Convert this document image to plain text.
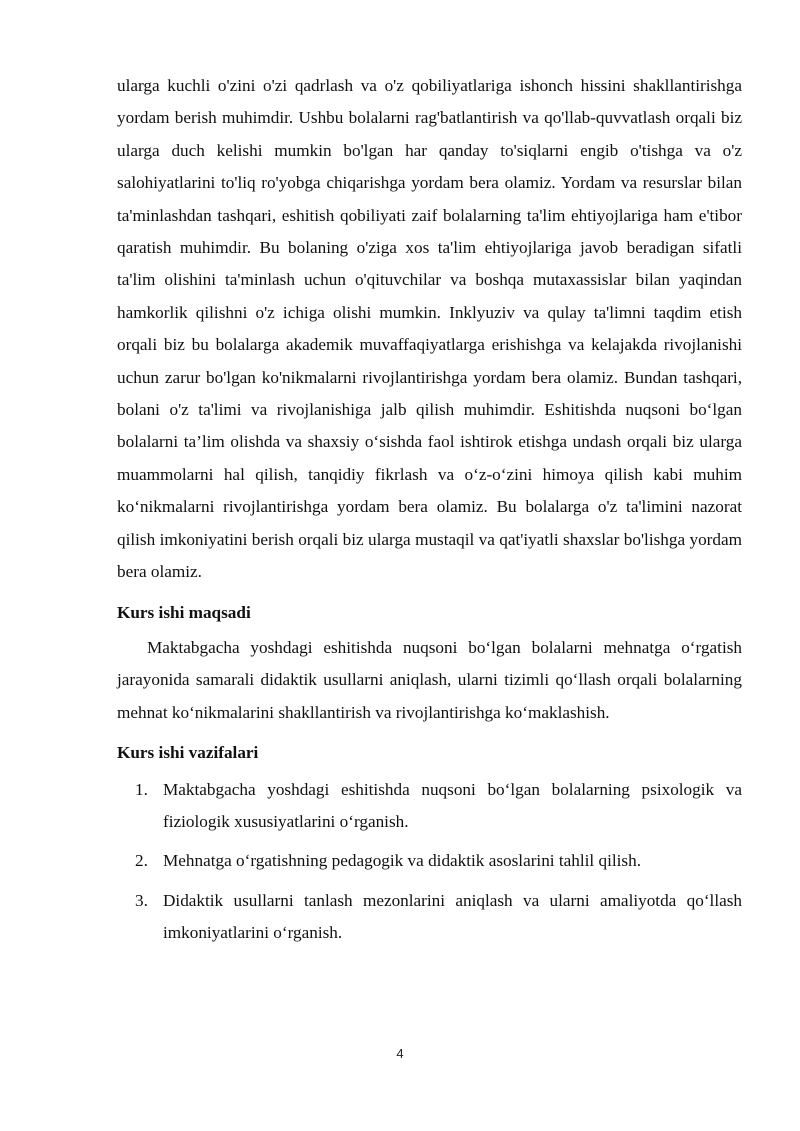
ularga kuchli o'zini o'zi qadrlash va o'z qobiliyatlariga ishonch hissini shakllantirishga yordam berish muhimdir. Ushbu bolalarni rag'batlantirish va qo'llab-quvvatlash orqali biz ularga duch kelishi mumkin bo'lgan har qanday to'siqlarni engib o'tishga va o'z salohiyatlarini to'liq ro'yobga chiqarishga yordam bera olamiz. Yordam va resurslar bilan ta'minlashdan tashqari, eshitish qobiliyati zaif bolalarning ta'lim ehtiyojlariga ham e'tibor qaratish muhimdir. Bu bolaning o'ziga xos ta'lim ehtiyojlariga javob beradigan sifatli ta'lim olishini ta'minlash uchun o'qituvchilar va boshqa mutaxassislar bilan yaqindan hamkorlik qilishni o'z ichiga olishi mumkin. Inklyuziv va qulay ta'limni taqdim etish orqali biz bu bolalarga akademik muvaffaqiyatlarga erishishga va kelajakda rivojlanishi uchun zarur bo'lgan ko'nikmalarni rivojlantirishga yordam bera olamiz. Bundan tashqari, bolani o'z ta'limi va rivojlanishiga jalb qilish muhimdir. Eshitishda nuqsoni bo‘lgan bolalarni ta’lim olishda va shaxsiy o‘sishda faol ishtirok etishga undash orqali biz ularga muammolarni hal qilish, tanqidiy fikrlash va o‘z-o‘zini himoya qilish kabi muhim ko‘nikmalarni rivojlantirishga yordam bera olamiz. Bu bolalarga o'z ta'limini nazorat qilish imkoniyatini berish orqali biz ularga mustaqil va qat'iyatli shaxslar bo'lishga yordam bera olamiz.

Kurs ishi maqsadi

Maktabgacha yoshdagi eshitishda nuqsoni bo‘lgan bolalarni mehnatga o‘rgatish jarayonida samarali didaktik usullarni aniqlash, ularni tizimli qo‘llash orqali bolalarning mehnat ko‘nikmalarini shakllantirish va rivojlantirishga ko‘maklashish.

Kurs ishi vazifalari
1. Maktabgacha yoshdagi eshitishda nuqsoni bo‘lgan bolalarning psixologik va fiziologik xususiyatlarini o‘rganish.
2. Mehnatga o‘rgatishning pedagogik va didaktik asoslarini tahlil qilish.
3. Didaktik usullarni tanlash mezonlarini aniqlash va ularni amaliyotda qo‘llash imkoniyatlarini o‘rganish.
4
